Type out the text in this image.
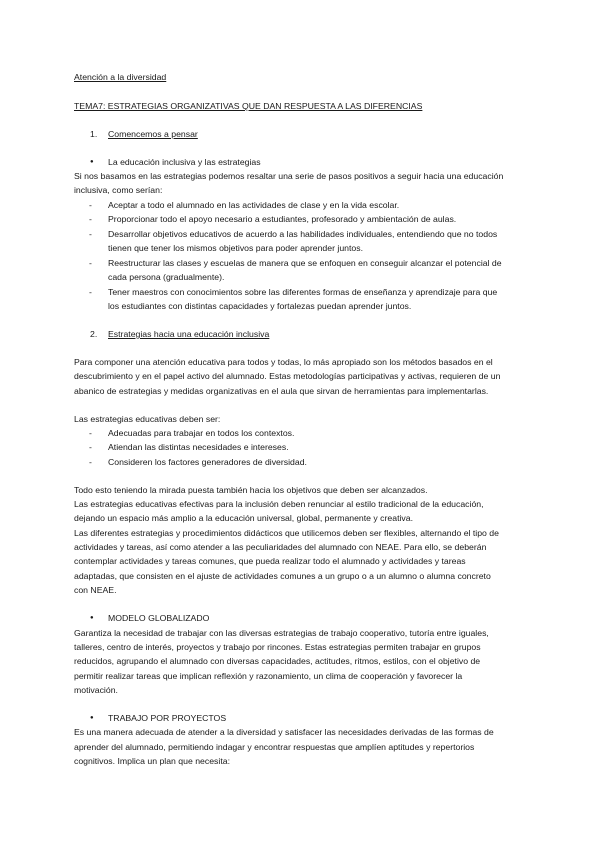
Atención a la diversidad
TEMA7: ESTRATEGIAS ORGANIZATIVAS QUE DAN RESPUESTA A LAS DIFERENCIAS
1. Comencemos a pensar
● La educación inclusiva y las estrategias
Si nos basamos en las estrategias podemos resaltar una serie de pasos positivos a seguir hacia una educación
inclusiva, como serían:
- Aceptar a todo el alumnado en las actividades de clase y en la vida escolar.
- Proporcionar todo el apoyo necesario a estudiantes, profesorado y ambientación de aulas.
- Desarrollar objetivos educativos de acuerdo a las habilidades individuales, entendiendo que no todos
tienen que tener los mismos objetivos para poder aprender juntos.
- Reestructurar las clases y escuelas de manera que se enfoquen en conseguir alcanzar el potencial de
cada persona (gradualmente).
- Tener maestros con conocimientos sobre las diferentes formas de enseñanza y aprendizaje para que
los estudiantes con distintas capacidades y fortalezas puedan aprender juntos.
2. Estrategias hacia una educación inclusiva
Para componer una atención educativa para todos y todas, lo más apropiado son los métodos basados en el
descubrimiento y en el papel activo del alumnado. Estas metodologías participativas y activas, requieren de un
abanico de estrategias y medidas organizativas en el aula que sirvan de herramientas para implementarlas.
Las estrategias educativas deben ser:
- Adecuadas para trabajar en todos los contextos.
- Atiendan las distintas necesidades e intereses.
- Consideren los factores generadores de diversidad.
Todo esto teniendo la mirada puesta también hacia los objetivos que deben ser alcanzados.
Las estrategias educativas efectivas para la inclusión deben renunciar al estilo tradicional de la educación,
dejando un espacio más amplio a la educación universal, global, permanente y creativa.
Las diferentes estrategias y procedimientos didácticos que utilicemos deben ser flexibles, alternando el tipo de
actividades y tareas, así como atender a las peculiaridades del alumnado con NEAE. Para ello, se deberán
contemplar actividades y tareas comunes, que pueda realizar todo el alumnado y actividades y tareas
adaptadas, que consisten en el ajuste de actividades comunes a un grupo o a un alumno o alumna concreto
con NEAE.
● MODELO GLOBALIZADO
Garantiza la necesidad de trabajar con las diversas estrategias de trabajo cooperativo, tutoría entre iguales,
talleres, centro de interés, proyectos y trabajo por rincones. Estas estrategias permiten trabajar en grupos
reducidos, agrupando el alumnado con diversas capacidades, actitudes, ritmos, estilos, con el objetivo de
permitir realizar tareas que implican reflexión y razonamiento, un clima de cooperación y favorecer la
motivación.
● TRABAJO POR PROYECTOS
Es una manera adecuada de atender a la diversidad y satisfacer las necesidades derivadas de las formas de
aprender del alumnado, permitiendo indagar y encontrar respuestas que amplíen aptitudes y repertorios
cognitivos. Implica un plan que necesita:
